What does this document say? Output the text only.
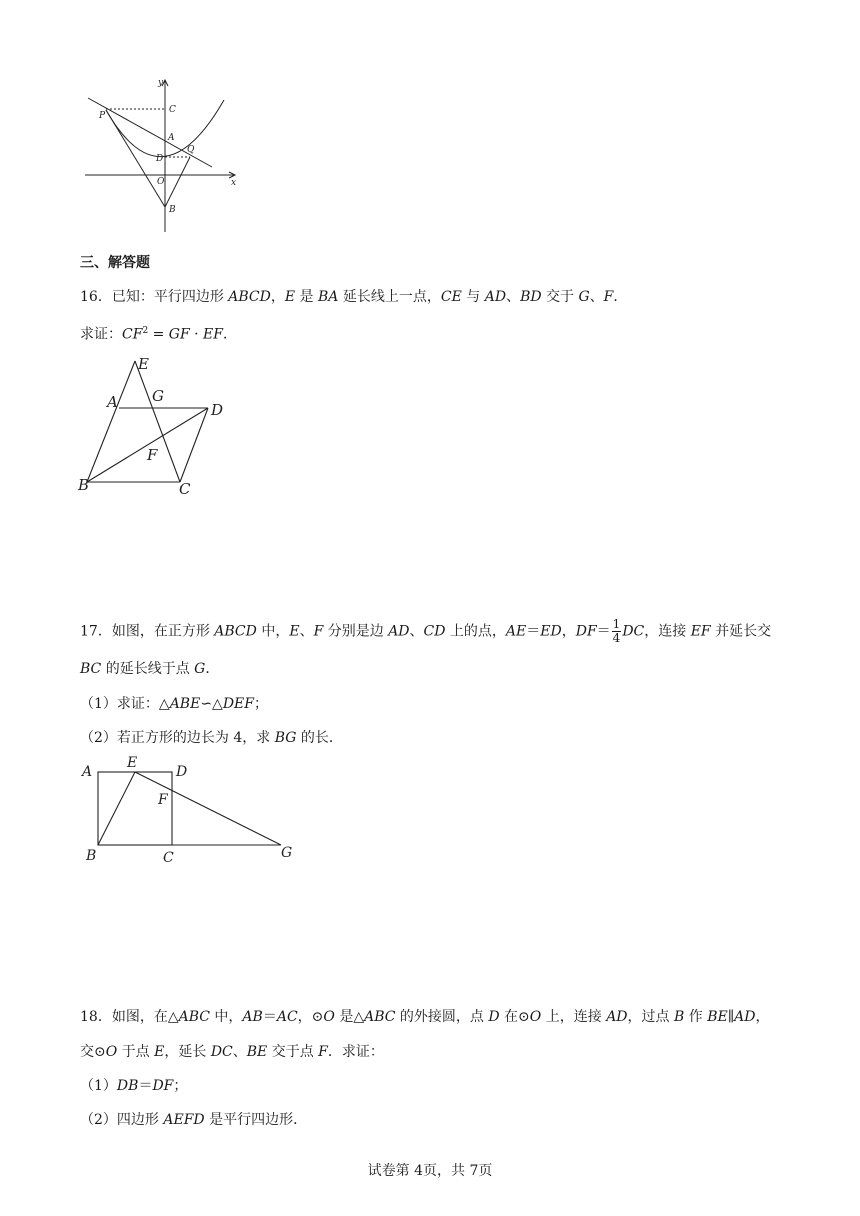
y
x
O
P
C
A
D
Q
B
三、解答题
16．已知：平行四边形 ABCD，E 是 BA 延长线上一点，CE 与 AD、BD 交于 G、F．
求证：$CF^2$ = GF · EF．
E
A G
D
F
B	C
17．如图，在正方形 ABCD 中，E、F 分别是边 AD、CD 上的点，AE＝ED，$DF= \frac{1}{4}$ DC，连接 EF 并延长交
BC 的延长线于点 G．
（1）求证：△ABE∽△DEF；
（2）若正方形的边长为 4，求 BG 的长．
A
E
D
F
B	C	G
18．如图，在△ABC 中，AB＝AC，⊙O 是△ABC 的外接圆，点 D 在⊙O 上，连接 AD，过点 B 作 BE∥AD，
交⊙O 于点 E，延长 DC、BE 交于点 F．求证：
（1）DB＝DF；
（2）四边形 AEFD 是平行四边形．
试卷第 4页，共 7页
